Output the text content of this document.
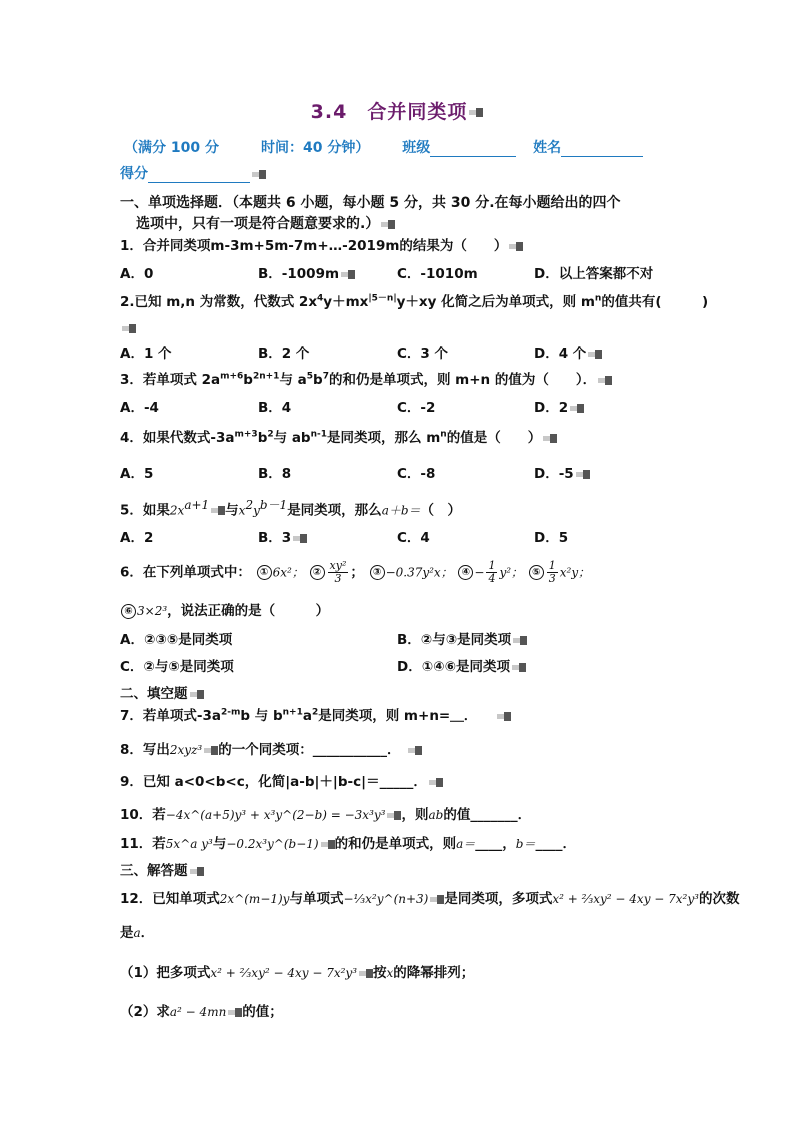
3.4　合并同类项
（满分 100 分　　　时间：40 分钟） 班级	姓名
得分
一、单项选择题．（本题共 6 小题，每小题 5 分，共 30 分.在每小题给出的四个
选项中，只有一项是符合题意要求的.）
1．合并同类项m-3m+5m-7m+…-2019m的结果为（　　）
A．0	B．-1009m	C．-1010m	D．以上答案都不对
2.已知 m,n 为常数，代数式 $2x^4y+mx^{|5-n|}y+xy$ 化简之后为单项式，则 $m^n$的值共有(　　　)
A．1 个	B．2 个	C．3 个	D．4 个
3．若单项式 $2a^{m+6}b^{2n+1}$与 $a^5b^7$的和仍是单项式，则 m+n 的值为（　　）．
A．-4	B．4	C．-2	D．2
4．如果代数式$-3a^{m+3}b^2$与 $ab^{n-1}$是同类项，那么 $m^n$的值是（　　）
A．5	B．8	C．-8	D．-5
5．如果$2x^{a+1}$ 与$x^2y^{b-1}$是同类项，那么a＋b＝（　）
A．2	B．3	C．4	D．5
6．在下列单项式中： ① 6x²； ② $\frac{\text{xy²}}{3}$ ； ③ −0.37y²x； ④ − $\frac{1}{4} y^2$； ⑤ $\frac{1}{3} x^2y$；
⑥ 3×2³，说法正确的是（　　　）
A．②③⑤是同类项	B．②与③是同类项
C．②与⑤是同类项	D．①④⑥是同类项
二、填空题
7．若单项式$-3a^{2-m}b$ 与 $b^{n+1}a^2$是同类项，则 m+n=＿．
8．写出2xyz³ 的一个同类项：___________．
9．已知 a<0<b<c，化简|a-b|＋|b-c|＝_____．
10．若−4x^(a+5)y³ + x³y^(2−b) = −3x³y³ ，则ab的值_______．
11．若5x^a y³与−0.2x³y^(b−1) 的和仍是单项式，则a＝____，b＝____．
三、解答题
12．已知单项式2x^(m−1)y与单项式−⅓x²y^(n+3) 是同类项，多项式x² + ⅔xy² − 4xy − 7x²y³的次数
是a．
（1）把多项式x² + ⅔xy² − 4xy − 7x²y³ 按x的降幂排列；
（2）求a² − 4mn 的值；
